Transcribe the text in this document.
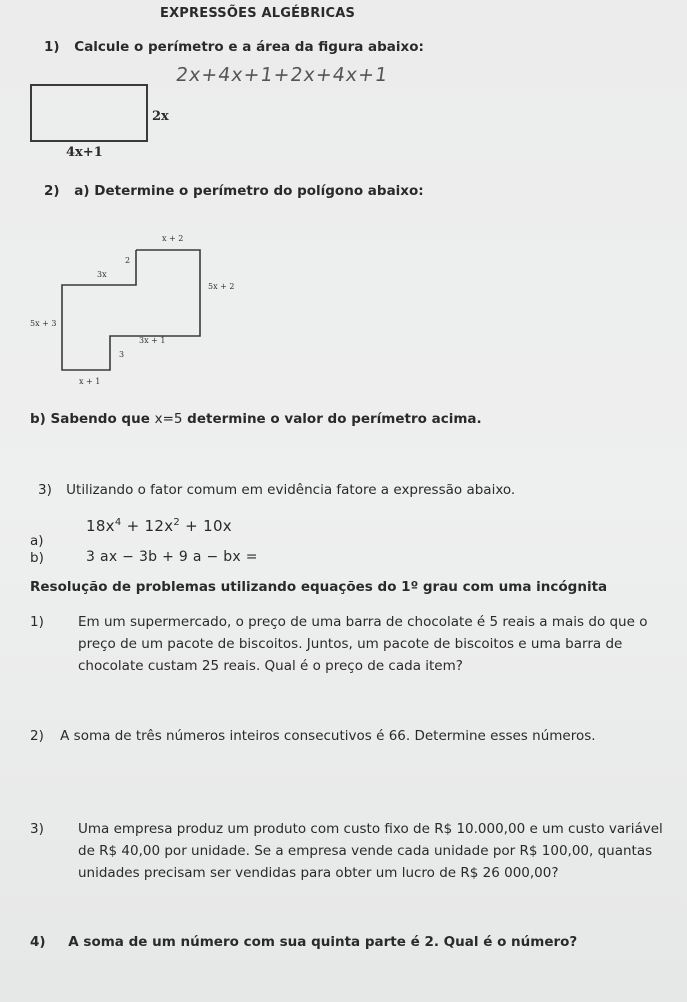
EXPRESSÕES ALGÉBRICAS
1) Calcule o perímetro e a área da figura abaixo:
2x+4x+1+2x+4x+1
2x
4x+1
2) a) Determine o perímetro do polígono abaixo:
x + 2
2
3x
5x + 2
5x + 3
3x + 1
3
x + 1
b) Sabendo que x=5 determine o valor do perímetro acima.
3) Utilizando o fator comum em evidência fatore a expressão abaixo.
a)
$18x^4 + 12x^2 + 10x$
b)	3 ax − 3b + 9 a − bx =
Resolução de problemas utilizando equações do 1º grau com uma incógnita
1)	Em um supermercado, o preço de uma barra de chocolate é 5 reais a mais do que o preço de um pacote de biscoitos. Juntos, um pacote de biscoitos e uma barra de chocolate custam 25 reais. Qual é o preço de cada item?
2) A soma de três números inteiros consecutivos é 66. Determine esses números.
3)	Uma empresa produz um produto com custo fixo de R$ 10.000,00 e um custo variável de R$ 40,00 por unidade. Se a empresa vende cada unidade por R$ 100,00, quantas unidades precisam ser vendidas para obter um lucro de R$ 26 000,00?
4) A soma de um número com sua quinta parte é 2. Qual é o número?
